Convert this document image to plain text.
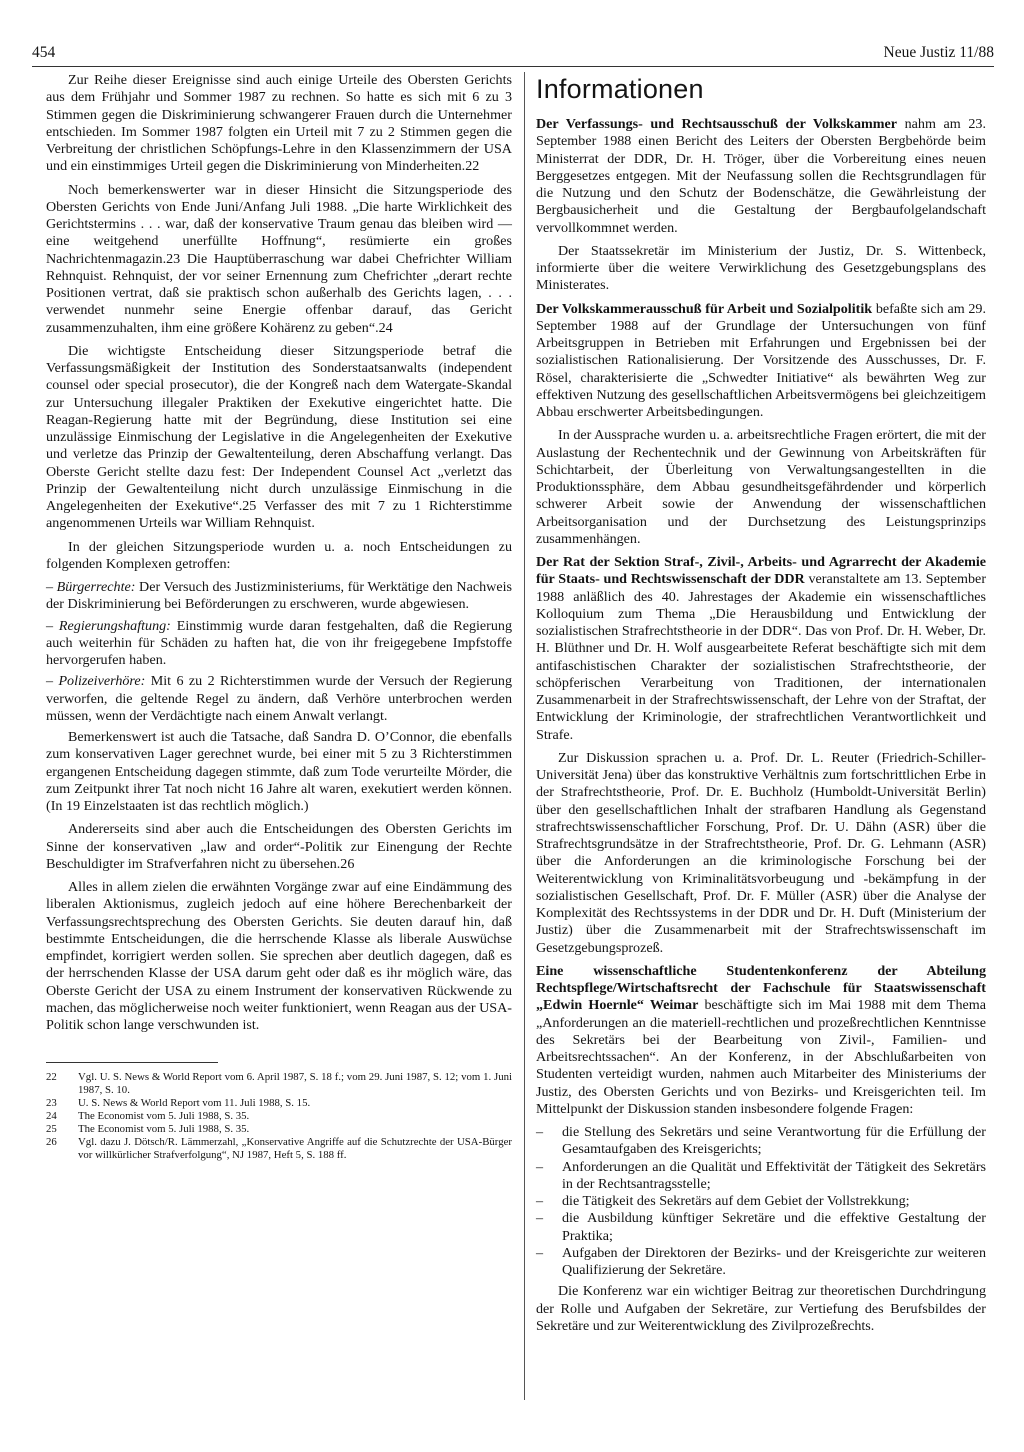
454	Neue Justiz 11/88

Zur Reihe dieser Ereignisse sind auch einige Urteile des Obersten Gerichts aus dem Frühjahr und Sommer 1987 zu rechnen. So hatte es sich mit 6 zu 3 Stimmen gegen die Diskriminierung schwangerer Frauen durch die Unternehmer entschieden. Im Sommer 1987 folgten ein Urteil mit 7 zu 2 Stimmen gegen die Verbreitung der christlichen Schöpfungs-Lehre in den Klassenzimmern der USA und ein einstimmiges Urteil gegen die Diskriminierung von Minderheiten.22

Noch bemerkenswerter war in dieser Hinsicht die Sitzungsperiode des Obersten Gerichts von Ende Juni/Anfang Juli 1988. „Die harte Wirklichkeit des Gerichtstermins . . . war, daß der konservative Traum genau das bleiben wird — eine weitgehend unerfüllte Hoffnung“, resümierte ein großes Nachrichtenmagazin.23 Die Hauptüberraschung war dabei Chefrichter William Rehnquist. Rehnquist, der vor seiner Ernennung zum Chefrichter „derart rechte Positionen vertrat, daß sie praktisch schon außerhalb des Gerichts lagen, . . . verwendet nunmehr seine Energie offenbar darauf, das Gericht zusammenzuhalten, ihm eine größere Kohärenz zu geben“.24

Die wichtigste Entscheidung dieser Sitzungsperiode betraf die Verfassungsmäßigkeit der Institution des Sonderstaatsanwalts (independent counsel oder special prosecutor), die der Kongreß nach dem Watergate-Skandal zur Untersuchung illegaler Praktiken der Exekutive eingerichtet hatte. Die Reagan-Regierung hatte mit der Begründung, diese Institution sei eine unzulässige Einmischung der Legislative in die Angelegenheiten der Exekutive und verletze das Prinzip der Gewaltenteilung, deren Abschaffung verlangt. Das Oberste Gericht stellte dazu fest: Der Independent Counsel Act „verletzt das Prinzip der Gewaltenteilung nicht durch unzulässige Einmischung in die Angelegenheiten der Exekutive“.25 Verfasser des mit 7 zu 1 Richterstimme angenommenen Urteils war William Rehnquist.

In der gleichen Sitzungsperiode wurden u. a. noch Entscheidungen zu folgenden Komplexen getroffen:

– Bürgerrechte: Der Versuch des Justizministeriums, für Werktätige den Nachweis der Diskriminierung bei Beförderungen zu erschweren, wurde abgewiesen.

– Regierungshaftung: Einstimmig wurde daran festgehalten, daß die Regierung auch weiterhin für Schäden zu haften hat, die von ihr freigegebene Impfstoffe hervorgerufen haben.

– Polizeiverhöre: Mit 6 zu 2 Richterstimmen wurde der Versuch der Regierung verworfen, die geltende Regel zu ändern, daß Verhöre unterbrochen werden müssen, wenn der Verdächtigte nach einem Anwalt verlangt.

Bemerkenswert ist auch die Tatsache, daß Sandra D. O’Connor, die ebenfalls zum konservativen Lager gerechnet wurde, bei einer mit 5 zu 3 Richterstimmen ergangenen Entscheidung dagegen stimmte, daß zum Tode verurteilte Mörder, die zum Zeitpunkt ihrer Tat noch nicht 16 Jahre alt waren, exekutiert werden können. (In 19 Einzelstaaten ist das rechtlich möglich.)

Andererseits sind aber auch die Entscheidungen des Obersten Gerichts im Sinne der konservativen „law and order“-Politik zur Einengung der Rechte Beschuldigter im Strafverfahren nicht zu übersehen.26

Alles in allem zielen die erwähnten Vorgänge zwar auf eine Eindämmung des liberalen Aktionismus, zugleich jedoch auf eine höhere Berechenbarkeit der Verfassungsrechtsprechung des Obersten Gerichts. Sie deuten darauf hin, daß bestimmte Entscheidungen, die die herrschende Klasse als liberale Auswüchse empfindet, korrigiert werden sollen. Sie sprechen aber deutlich dagegen, daß es der herrschenden Klasse der USA darum geht oder daß es ihr möglich wäre, das Oberste Gericht der USA zu einem Instrument der konservativen Rückwende zu machen, das möglicherweise noch weiter funktioniert, wenn Reagan aus der USA-Politik schon lange verschwunden ist.

22	Vgl. U. S. News & World Report vom 6. April 1987, S. 18 f.; vom 29. Juni 1987, S. 12; vom 1. Juni 1987, S. 10.
23	U. S. News & World Report vom 11. Juli 1988, S. 15.
24	The Economist vom 5. Juli 1988, S. 35.
25	The Economist vom 5. Juli 1988, S. 35.
26	Vgl. dazu J. Dötsch/R. Lämmerzahl, „Konservative Angriffe auf die Schutzrechte der USA-Bürger vor willkürlicher Strafverfolgung“, NJ 1987, Heft 5, S. 188 ff.
Informationen

Der Verfassungs- und Rechtsausschuß der Volkskammer nahm am 23. September 1988 einen Bericht des Leiters der Obersten Bergbehörde beim Ministerrat der DDR, Dr. H. Tröger, über die Vorbereitung eines neuen Berggesetzes entgegen. Mit der Neufassung sollen die Rechtsgrundlagen für die Nutzung und den Schutz der Bodenschätze, die Gewährleistung der Bergbausicherheit und die Gestaltung der Bergbaufolgelandschaft vervollkommnet werden.

Der Staatssekretär im Ministerium der Justiz, Dr. S. Wittenbeck, informierte über die weitere Verwirklichung des Gesetzgebungsplans des Ministerates.

Der Volkskammerausschuß für Arbeit und Sozialpolitik befaßte sich am 29. September 1988 auf der Grundlage der Untersuchungen von fünf Arbeitsgruppen in Betrieben mit Erfahrungen und Ergebnissen bei der sozialistischen Rationalisierung. Der Vorsitzende des Ausschusses, Dr. F. Rösel, charakterisierte die „Schwedter Initiative“ als bewährten Weg zur effektiven Nutzung des gesellschaftlichen Arbeitsvermögens bei gleichzeitigem Abbau erschwerter Arbeitsbedingungen.

In der Aussprache wurden u. a. arbeitsrechtliche Fragen erörtert, die mit der Auslastung der Rechentechnik und der Gewinnung von Arbeitskräften für Schichtarbeit, der Überleitung von Verwaltungsangestellten in die Produktionssphäre, dem Abbau gesundheitsgefährdender und körperlich schwerer Arbeit sowie der Anwendung der wissenschaftlichen Arbeitsorganisation und der Durchsetzung des Leistungsprinzips zusammenhängen.

Der Rat der Sektion Straf-, Zivil-, Arbeits- und Agrarrecht der Akademie für Staats- und Rechtswissenschaft der DDR veranstaltete am 13. September 1988 anläßlich des 40. Jahrestages der Akademie ein wissenschaftliches Kolloquium zum Thema „Die Herausbildung und Entwicklung der sozialistischen Strafrechtstheorie in der DDR“. Das von Prof. Dr. H. Weber, Dr. H. Blüthner und Dr. H. Wolf ausgearbeitete Referat beschäftigte sich mit dem antifaschistischen Charakter der sozialistischen Strafrechtstheorie, der schöpferischen Verarbeitung von Traditionen, der internationalen Zusammenarbeit in der Strafrechtswissenschaft, der Lehre von der Straftat, der Entwicklung der Kriminologie, der strafrechtlichen Verantwortlichkeit und Strafe.

Zur Diskussion sprachen u. a. Prof. Dr. L. Reuter (Friedrich-Schiller-Universität Jena) über das konstruktive Verhältnis zum fortschrittlichen Erbe in der Strafrechtstheorie, Prof. Dr. E. Buchholz (Humboldt-Universität Berlin) über den gesellschaftlichen Inhalt der strafbaren Handlung als Gegenstand strafrechtswissenschaftlicher Forschung, Prof. Dr. U. Dähn (ASR) über die Strafrechtsgrundsätze in der Strafrechtstheorie, Prof. Dr. G. Lehmann (ASR) über die Anforderungen an die kriminologische Forschung bei der Weiterentwicklung von Kriminalitätsvorbeugung und -bekämpfung in der sozialistischen Gesellschaft, Prof. Dr. F. Müller (ASR) über die Analyse der Komplexität des Rechtssystems in der DDR und Dr. H. Duft (Ministerium der Justiz) über die Zusammenarbeit mit der Strafrechtswissenschaft im Gesetzgebungsprozeß.

Eine wissenschaftliche Studentenkonferenz der Abteilung Rechtspflege/Wirtschaftsrecht der Fachschule für Staatswissenschaft „Edwin Hoernle“ Weimar beschäftigte sich im Mai 1988 mit dem Thema „Anforderungen an die materiell-rechtlichen und prozeßrechtlichen Kenntnisse des Sekretärs bei der Bearbeitung von Zivil-, Familien- und Arbeitsrechtssachen“. An der Konferenz, in der Abschlußarbeiten von Studenten verteidigt wurden, nahmen auch Mitarbeiter des Ministeriums der Justiz, des Obersten Gerichts und von Bezirks- und Kreisgerichten teil. Im Mittelpunkt der Diskussion standen insbesondere folgende Fragen:

–	die Stellung des Sekretärs und seine Verantwortung für die Erfüllung der Gesamtaufgaben des Kreisgerichts;
–	Anforderungen an die Qualität und Effektivität der Tätigkeit des Sekretärs in der Rechtsantragsstelle;
–	die Tätigkeit des Sekretärs auf dem Gebiet der Vollstrekkung;
–	die Ausbildung künftiger Sekretäre und die effektive Gestaltung der Praktika;
–	Aufgaben der Direktoren der Bezirks- und der Kreisgerichte zur weiteren Qualifizierung der Sekretäre.

Die Konferenz war ein wichtiger Beitrag zur theoretischen Durchdringung der Rolle und Aufgaben der Sekretäre, zur Vertiefung des Berufsbildes der Sekretäre und zur Weiterentwicklung des Zivilprozeßrechts.
